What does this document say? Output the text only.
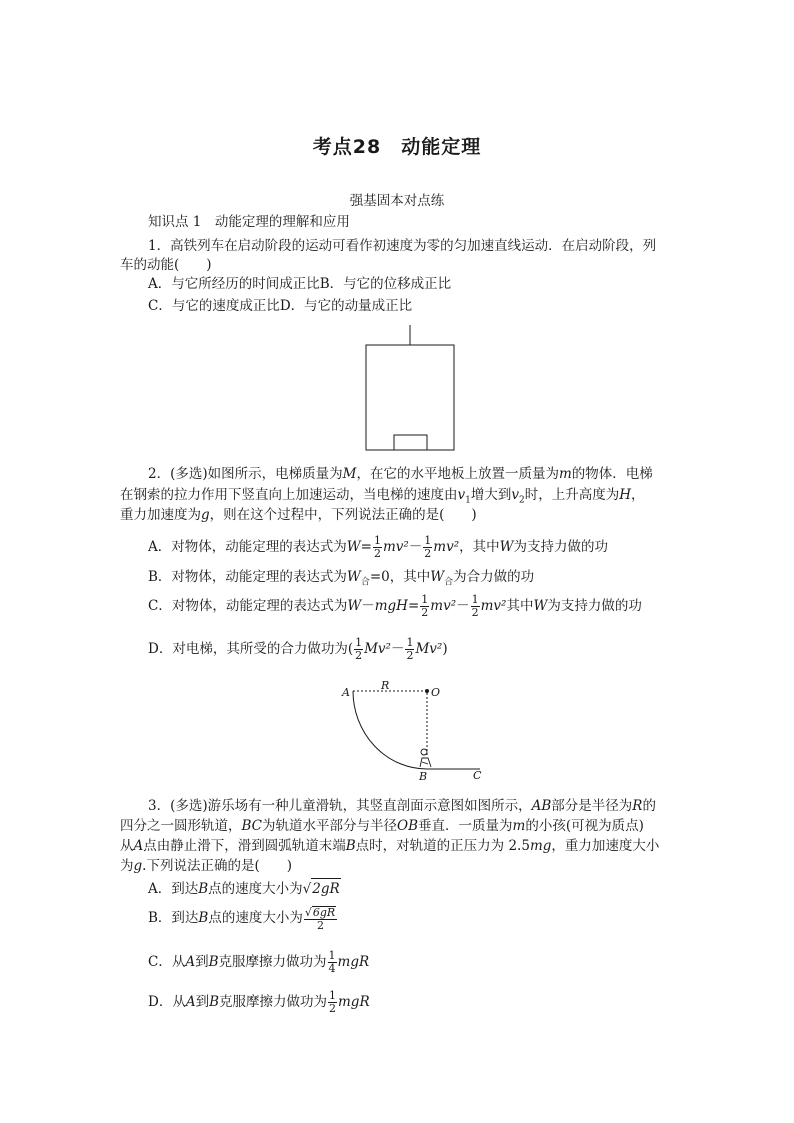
考点28　动能定理
强基固本对点练
知识点 1　动能定理的理解和应用
1．高铁列车在启动阶段的运动可看作初速度为零的匀加速直线运动．在启动阶段，列
车的动能(　　)
A．与它所经历的时间成正比B．与它的位移成正比
C．与它的速度成正比D．与它的动量成正比
2．(多选)如图所示，电梯质量为M，在它的水平地板上放置一质量为m的物体．电梯
在钢索的拉力作用下竖直向上加速运动，当电梯的速度由$v_1$增大到$v_2$时，上升高度为H，
重力加速度为g，则在这个过程中，下列说法正确的是(　　)
A．对物体，动能定理的表达式为$W= \frac{1}{2} mv^2- \frac{1}{2} mv^2$，其中W为支持力做的功
B．对物体，动能定理的表达式为$W_合=0$，其中$W_合$为合力做的功
C．对物体，动能定理的表达式为$W-mgH= \frac{1}{2} mv^2- \frac{1}{2} mv^2$其中W为支持力做的功
D．对电梯，其所受的合力做功为( $\frac{1}{2} Mv^2- \frac{1}{2} Mv^2$)
A
R
O
B	C
3．(多选)游乐场有一种儿童滑轨，其竖直剖面示意图如图所示，AB部分是半径为R的
四分之一圆形轨道，BC为轨道水平部分与半径OB垂直．一质量为m的小孩(可视为质点)
从A点由静止滑下，滑到圆弧轨道末端B点时，对轨道的正压力为 2.5mg，重力加速度大小
为g.下列说法正确的是(　　)
A．到达B点的速度大小为√2gR
B．到达B点的速度大小为 $\frac{√6gR}{2}$
C．从A到B克服摩擦力做功为 $\frac{1}{4}$ mgR
D．从A到B克服摩擦力做功为 $\frac{1}{2}$ mgR
